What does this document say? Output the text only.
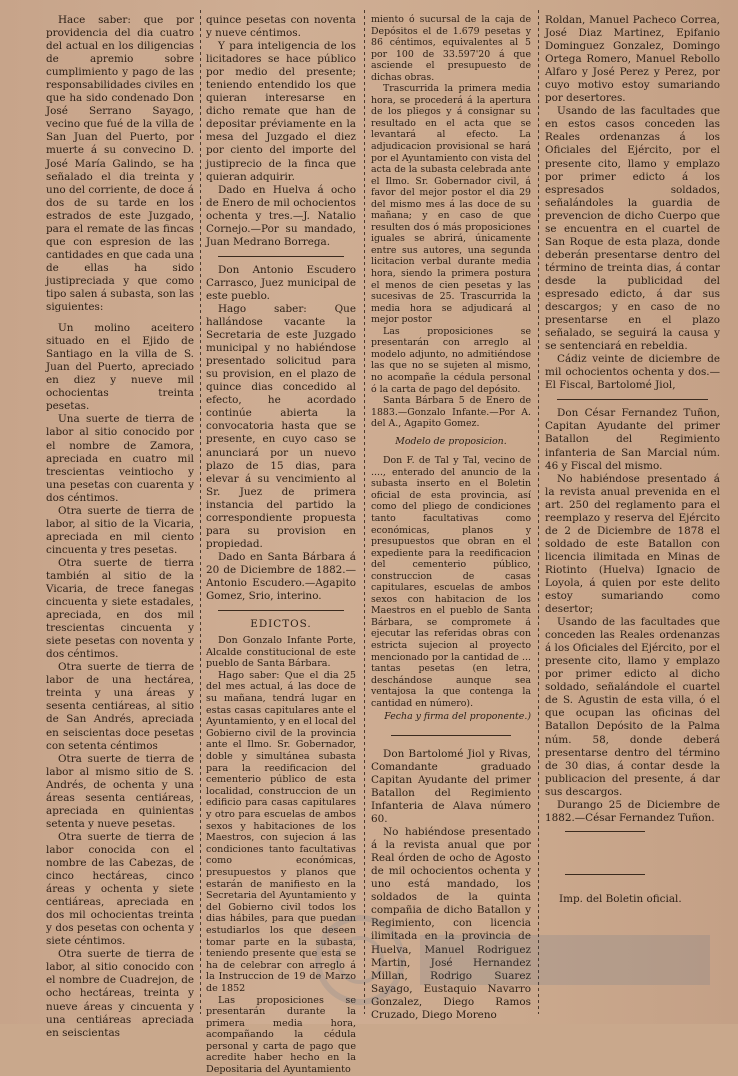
Hace saber: que por providencia del dia cuatro del actual en los diligencias de apremio sobre cumplimiento y pago de las responsabilidades civiles en que ha sido condenado Don José Serrano Sayago, vecino que fué de la villa de San Juan del Puerto, por muerte á su convecino D. José María Galindo, se ha señalado el dia treinta y uno del corriente, de doce á dos de su tarde en los estrados de este Juzgado, para el remate de las fincas que con espresion de las cantidades en que cada una de ellas ha sido justipreciada y que como tipo salen á subasta, son las siguientes:

Un molino aceitero situado en el Ejido de Santiago en la villa de S. Juan del Puerto, apreciado en diez y nueve mil ochocientas treinta pesetas.

Una suerte de tierra de labor al sitio conocido por el nombre de Zamora, apreciada en cuatro mil trescientas veintiocho y una pesetas con cuarenta y dos céntimos.

Otra suerte de tierra de labor, al sitio de la Vicaria, apreciada en mil ciento cincuenta y tres pesetas.

Otra suerte de tierra también al sitio de la Vicaria, de trece fanegas cincuenta y siete estadales, apreciada, en dos mil trescientas cincuenta y siete pesetas con noventa y dos céntimos.

Otra suerte de tierra de labor de una hectárea, treinta y una áreas y sesenta centiáreas, al sitio de San Andrés, apreciada en seiscientas doce pesetas con setenta céntimos

Otra suerte de tierra de labor al mismo sitio de S. Andrés, de ochenta y una áreas sesenta centiáreas, apreciada en quinientas setenta y nueve pesetas.

Otra suerte de tierra de labor conocida con el nombre de las Cabezas, de cinco hectáreas, cinco áreas y ochenta y siete centiáreas, apreciada en dos mil ochocientas treinta y dos pesetas con ochenta y siete céntimos.

Otra suerte de tierra de labor, al sitio conocido con el nombre de Cuadrejon, de ocho hectáreas, treinta y nueve áreas y cincuenta y una centiáreas apreciada en seiscientas

quince pesetas con noventa y nueve céntimos.

Y para inteligencia de los licitadores se hace público por medio del presente; teniendo entendido los que quieran interesarse en dicho remate que han de depositar préviamente en la mesa del Juzgado el diez por ciento del importe del justiprecio de la finca que quieran adquirir.

Dado en Huelva á ocho de Enero de mil ochocientos ochenta y tres.—J. Natalio Cornejo.—Por su mandado, Juan Medrano Borrega.

Don Antonio Escudero Carrasco, Juez municipal de este pueblo.

Hago saber: Que hallándose vacante la Secretaria de este Juzgado municipal y no habiéndose presentado solicitud para su provision, en el plazo de quince dias concedido al efecto, he acordado continúe abierta la convocatoria hasta que se presente, en cuyo caso se anunciará por un nuevo plazo de 15 dias, para elevar á su vencimiento al Sr. Juez de primera instancia del partido la correspondiente propuesta para su provision en propiedad.

Dado en Santa Bárbara á 20 de Diciembre de 1882.— Antonio Escudero.—Agapito Gomez, Srio, interino.

EDICTOS.

Don Gonzalo Infante Porte, Alcalde constitucional de este pueblo de Santa Bárbara.

Hago saber: Que el dia 25 del mes actual, á las doce de su mañana, tendrá lugar en estas casas capitulares ante el Ayuntamiento, y en el local del Gobierno civil de la provincia ante el Ilmo. Sr. Gobernador, doble y simultánea subasta para la reedificacion del cementerio público de esta localidad, construccion de un edificio para casas capitulares y otro para escuelas de ambos sexos y habitaciones de los Maestros, con sujecion á las condiciones tanto facultativas como económicas, presupuestos y planos que estarán de manifiesto en la Secretaria del Ayuntamiento y del Gobierno civil todos los dias hábiles, para que puedan estudiarlos los que deseen tomar parte en la subasta, teniendo presente que esta se ha de celebrar con arreglo á la Instruccion de 19 de Marzo de 1852

Las proposiciones se presentarán durante la primera media hora, acompañando la cédula personal y carta de pago que acredite haber hecho en la Depositaria del Ayuntamiento

miento ó sucursal de la caja de Depósitos el de 1.679 pesetas y 86 céntimos, equivalentes al 5 por 100 de 33.597'20 á que asciende el presupuesto de dichas obras.

Trascurrida la primera media hora, se procederá á la apertura de los pliegos y á consignar su resultado en el acta que se levantará al efecto. La adjudicacion provisional se hará por el Ayuntamiento con vista del acta de la subasta celebrada ante el Ilmo. Sr. Gobernador civil, á favor del mejor postor el dia 29 del mismo mes á las doce de su mañana; y en caso de que resulten dos ó más proposiciones iguales se abrirá, únicamente entre sus autores, una segunda licitacion verbal durante media hora, siendo la primera postura el menos de cien pesetas y las sucesivas de 25. Trascurrida la media hora se adjudicará al mejor postor

Las proposiciones se presentarán con arreglo al modelo adjunto, no admitiéndose las que no se sujeten al mismo, no acompañe la cédula personal ó la carta de pago del depósito.

Santa Bárbara 5 de Enero de 1883.—Gonzalo Infante.—Por A. del A., Agapito Gomez.

Modelo de proposicion.

Don F. de Tal y Tal, vecino de ...., enterado del anuncio de la subasta inserto en el Boletin oficial de esta provincia, así como del pliego de condiciones tanto facultativas como económicas, planos y presupuestos que obran en el expediente para la reedificacion del cementerio público, construccion de casas capitulares, escuelas de ambos sexos con habitacion de los Maestros en el pueblo de Santa Bárbara, se compromete á ejecutar las referidas obras con estricta sujecion al proyecto mencionado por la cantidad de ... tantas pesetas (en letra, deschándose aunque sea ventajosa la que contenga la cantidad en número).

Fecha y firma del proponente.)

Don Bartolomé Jiol y Rivas, Comandante graduado Capitan Ayudante del primer Batallon del Regimiento Infanteria de Alava número 60.

No habiéndose presentado á la revista anual que por Real órden de ocho de Agosto de mil ochocientos ochenta y uno está mandado, los soldados de la quinta compañia de dicho Batallon y Regimiento, con licencia ilimitada en la provincia de Huelva, Manuel Rodriguez Martin, José Hernandez Millan, Rodrigo Suarez Sayago, Eustaquio Navarro Gonzalez, Diego Ramos Cruzado, Diego Moreno

Roldan, Manuel Pacheco Correa, José Diaz Martinez, Epifanio Dominguez Gonzalez, Domingo Ortega Romero, Manuel Rebollo Alfaro y José Perez y Perez, por cuyo motivo estoy sumariando por desertores.

Usando de las facultades que en estos casos conceden las Reales ordenanzas á los Oficiales del Ejército, por el presente cito, llamo y emplazo por primer edicto á los espresados soldados, señalándoles la guardia de prevencion de dicho Cuerpo que se encuentra en el cuartel de San Roque de esta plaza, donde deberán presentarse dentro del término de treinta dias, á contar desde la publicidad del espresado edicto, á dar sus descargos; y en caso de no presentarse en el plazo señalado, se seguirá la causa y se sentenciará en rebeldia.

Cádiz veinte de diciembre de mil ochocientos ochenta y dos.—El Fiscal, Bartolomé Jiol,

Don César Fernandez Tuñon, Capitan Ayudante del primer Batallon del Regimiento infanteria de San Marcial núm. 46 y Fiscal del mismo.

No habiéndose presentado á la revista anual prevenida en el art. 250 del reglamento para el reemplazo y reserva del Ejército de 2 de Diciembre de 1878 el soldado de este Batallon con licencia ilimitada en Minas de Riotinto (Huelva) Ignacio de Loyola, á quien por este delito estoy sumariando como desertor;

Usando de las facultades que conceden las Reales ordenanzas á los Oficiales del Ejército, por el presente cito, llamo y emplazo por primer edicto al dicho soldado, señalándole el cuartel de S. Agustin de esta villa, ó el que ocupan las oficinas del Batallon Depósito de la Palma núm. 58, donde deberá presentarse dentro del término de 30 dias, á contar desde la publicacion del presente, á dar sus descargos.

Durango 25 de Diciembre de 1882.—César Fernandez Tuñon.

Imp. del Boletin oficial.
